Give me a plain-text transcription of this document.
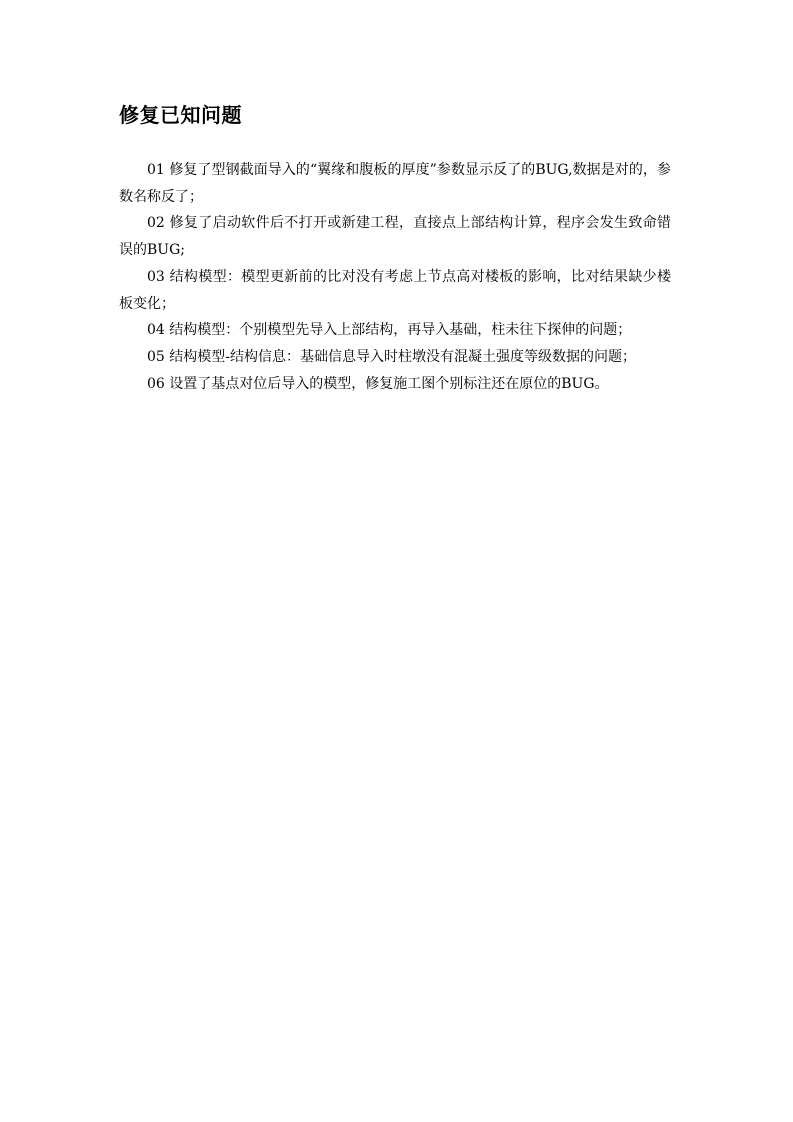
修复已知问题

01 修复了型钢截面导入的“翼缘和腹板的厚度”参数显示反了的BUG,数据是对的，参数名称反了；

02 修复了启动软件后不打开或新建工程，直接点上部结构计算，程序会发生致命错误的BUG;

03 结构模型：模型更新前的比对没有考虑上节点高对楼板的影响，比对结果缺少楼板变化；

04 结构模型：个别模型先导入上部结构，再导入基础，柱未往下探伸的问题；

05 结构模型-结构信息：基础信息导入时柱墩没有混凝土强度等级数据的问题；

06 设置了基点对位后导入的模型，修复施工图个别标注还在原位的BUG。
